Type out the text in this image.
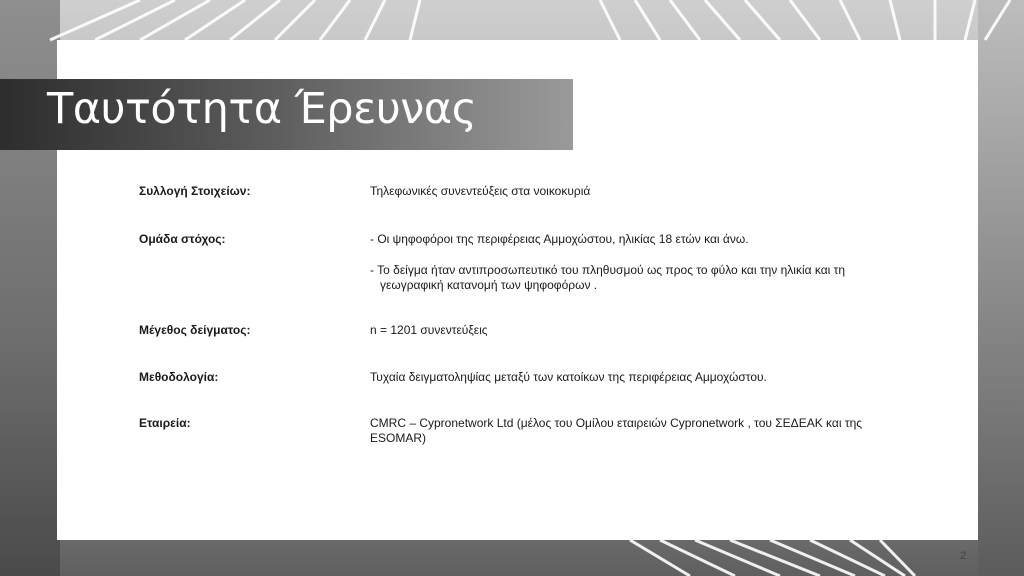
Ταυτότητα Έρευνας
Συλλογή Στοιχείων:	Τηλεφωνικές συνεντεύξεις στα νοικοκυριά

Ομάδα στόχος:	- Οι ψηφοφόροι της περιφέρειας Αμμοχώστου, ηλικίας 18 ετών και άνω.

- Το δείγμα ήταν αντιπροσωπευτικό του πληθυσμού ως προς το φύλο και την ηλικία και τη γεωγραφική κατανομή των ψηφοφόρων .

Μέγεθος δείγματος:	n = 1201 συνεντεύξεις

Μεθοδολογία:	Τυχαία δειγματοληψίας μεταξύ των κατοίκων της περιφέρειας Αμμοχώστου.

Εταιρεία:	CMRC – Cypronetwork Ltd (μέλος του Ομίλου εταιρειών Cypronetwork , του ΣΕΔΕΑΚ και της ESOMAR)

2
